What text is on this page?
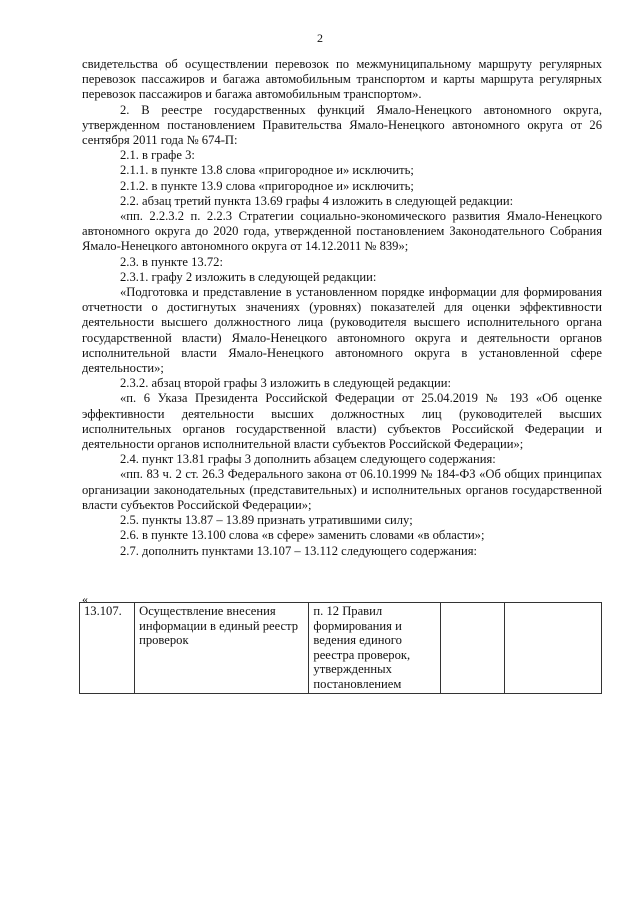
2

свидетельства об осуществлении перевозок по межмуниципальному маршруту регулярных перевозок пассажиров и багажа автомобильным транспортом и карты маршрута регулярных перевозок пассажиров и багажа автомобильным транспортом».

2. В реестре государственных функций Ямало-Ненецкого автономного округа, утвержденном постановлением Правительства Ямало-Ненецкого автономного округа от 26 сентября 2011 года № 674-П:

2.1. в графе 3:

2.1.1. в пункте 13.8 слова «пригородное и» исключить;

2.1.2. в пункте 13.9 слова «пригородное и» исключить;

2.2. абзац третий пункта 13.69 графы 4 изложить в следующей редакции:

«пп. 2.2.3.2 п. 2.2.3 Стратегии социально-экономического развития Ямало-Ненецкого автономного округа до 2020 года, утвержденной постановлением Законодательного Собрания Ямало-Ненецкого автономного округа от 14.12.2011 № 839»;

2.3. в пункте 13.72:

2.3.1. графу 2 изложить в следующей редакции:

«Подготовка и представление в установленном порядке информации для формирования отчетности о достигнутых значениях (уровнях) показателей для оценки эффективности деятельности высшего должностного лица (руководителя высшего исполнительного органа государственной власти) Ямало-Ненецкого автономного округа и деятельности органов исполнительной власти Ямало-Ненецкого автономного округа в установленной сфере деятельности»;

2.3.2. абзац второй графы 3 изложить в следующей редакции:

«п. 6 Указа Президента Российской Федерации от 25.04.2019 № 193 «Об оценке эффективности деятельности высших должностных лиц (руководителей высших исполнительных органов государственной власти) субъектов Российской Федерации и деятельности органов исполнительной власти субъектов Российской Федерации»;

2.4. пункт 13.81 графы 3 дополнить абзацем следующего содержания:

«пп. 83 ч. 2 ст. 26.3 Федерального закона от 06.10.1999 № 184-ФЗ «Об общих принципах организации законодательных (представительных) и исполнительных органов государственной власти субъектов Российской Федерации»;

2.5. пункты 13.87 – 13.89 признать утратившими силу;

2.6. в пункте 13.100 слова «в сфере» заменить словами «в области»;

2.7. дополнить пунктами 13.107 – 13.112 следующего содержания:

«
13.107.	Осуществление внесения информации в единый реестр проверок	п. 12 Правил формирования и ведения единого реестра проверок, утвержденных постановлением		
